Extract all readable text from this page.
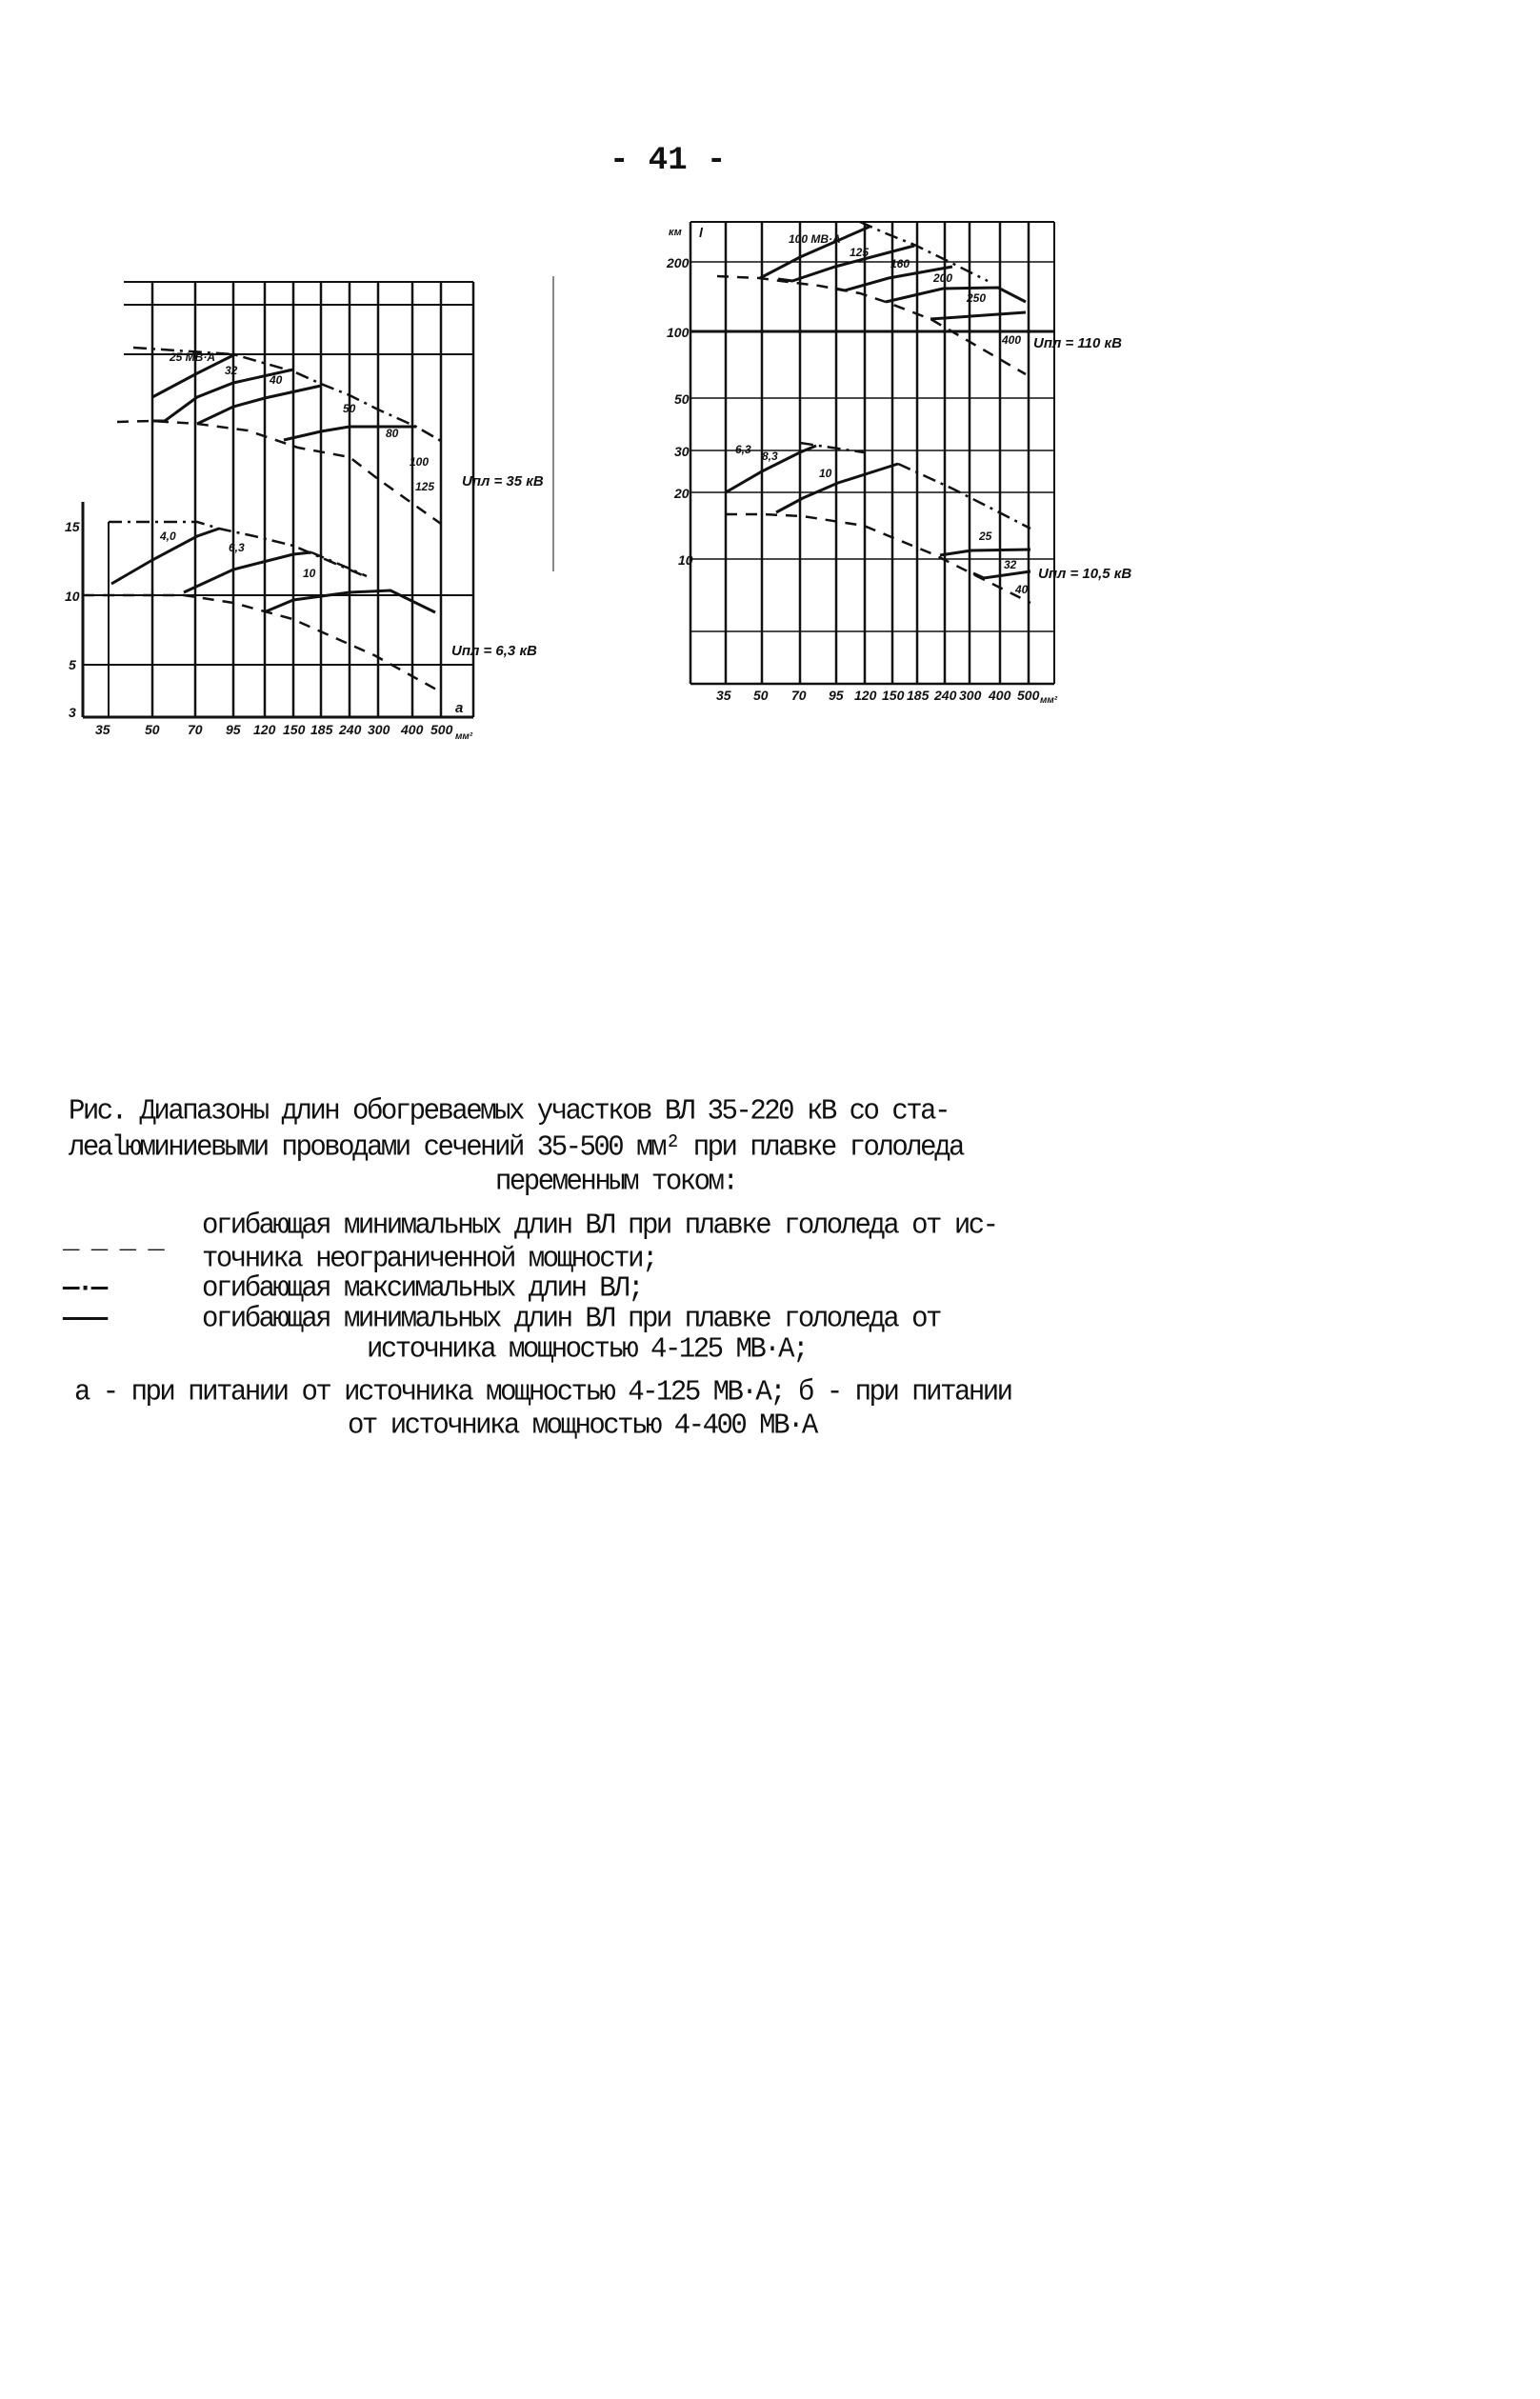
- 41 -
35	50 70 95 120 150 185 240 300 400 500 мм²
15
10
5
3	а
Uпл = 35 кВ
Uпл = 6,3 кВ
25 МВ·А
32
40
50
80
100
125
4,0
6,3
10
км l
200
100
50
30
20
10
35 50 70 95 120 150 185 240 300 400 500 мм²
Uпл = 110 кВ
Uпл = 10,5 кВ
100 МВ·А
125
160
200
250
400
6,3 8,3
10
25
32
40
Рис. Диапазоны длин обогреваемых участков ВЛ 35-220 кВ со ста-
лealюминиевыми проводами сечений 35-500 мм² при плавке гололеда
переменным током:
_ _ _ _ огибающая минимальных длин ВЛ при плавке гололеда от ис-
точника неограниченной мощности;
—·—	огибающая максимальных длин ВЛ;
———	огибающая минимальных длин ВЛ при плавке гололеда от
источника мощностью 4-125 МВ·А;
а - при питании от источника мощностью 4-125 МВ·А; б - при питании
от источника мощностью 4-400 МВ·А
